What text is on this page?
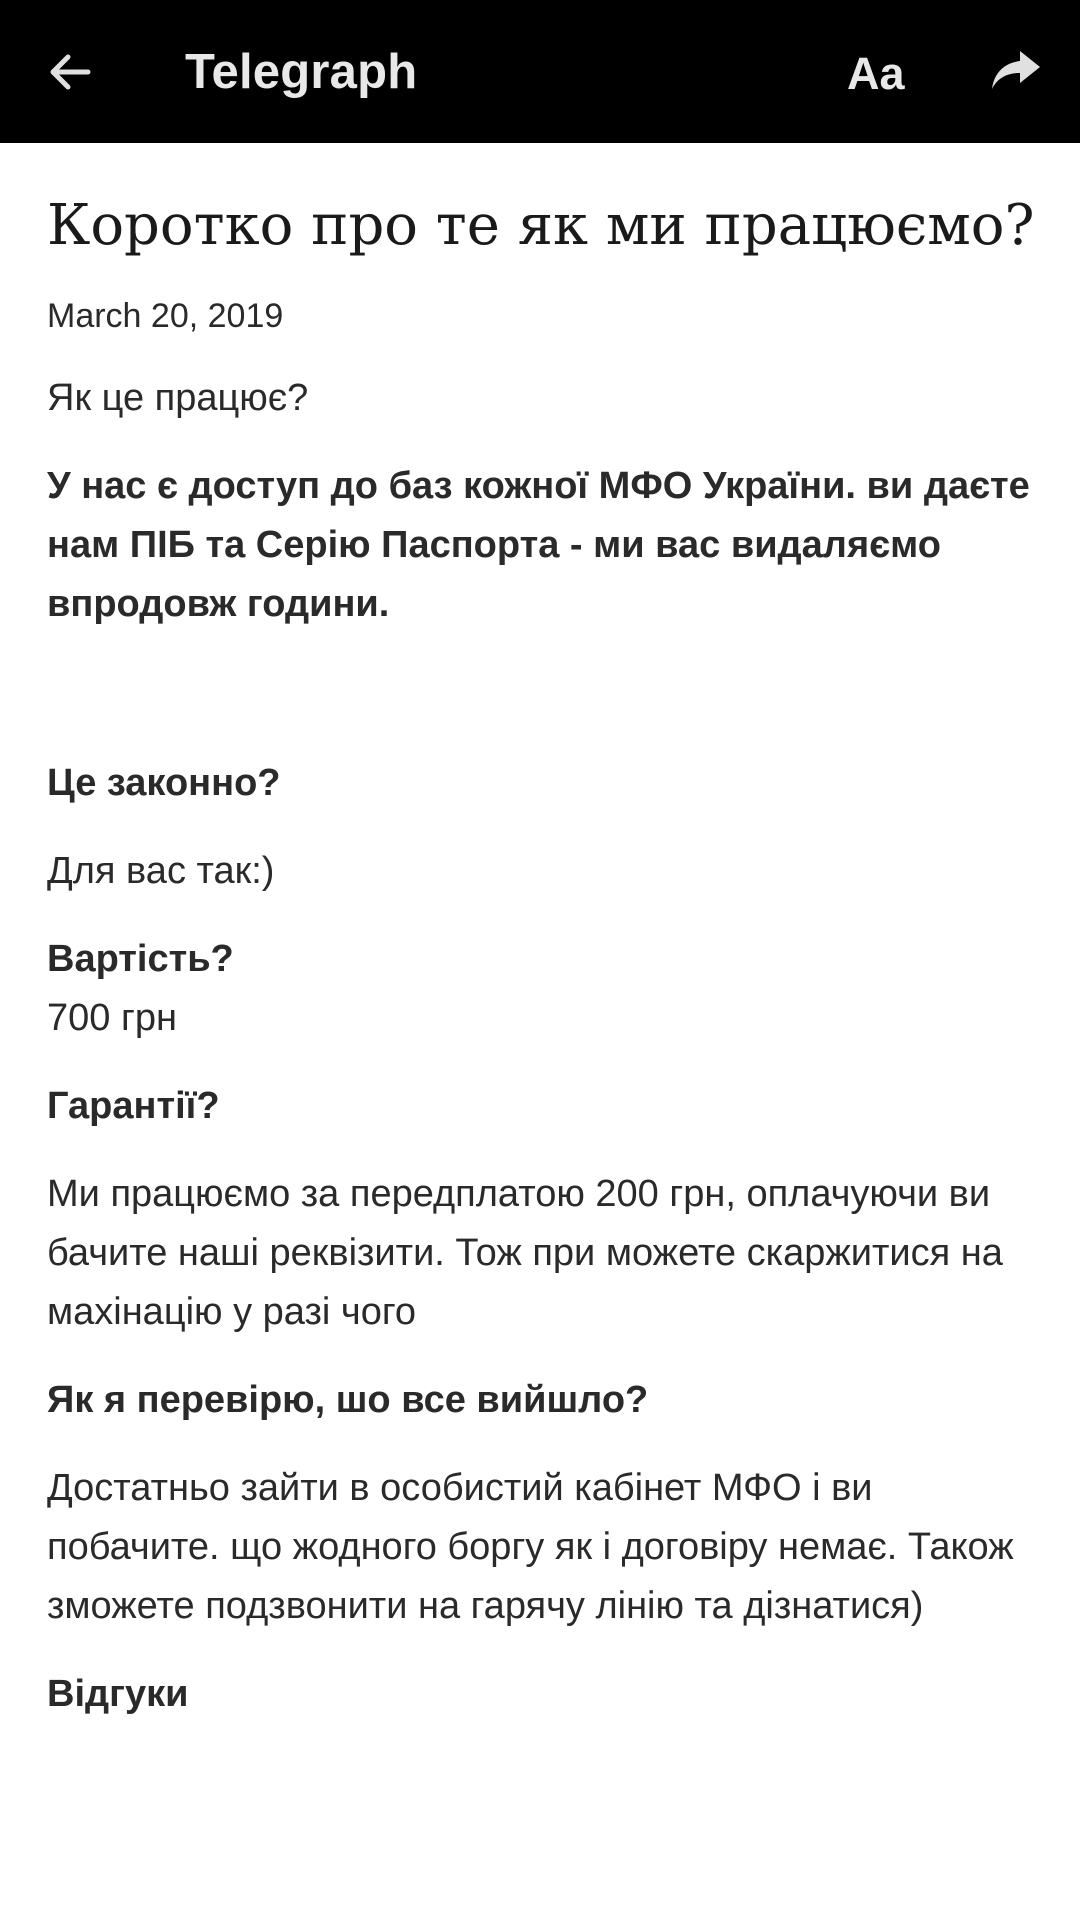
Telegraph	Aa
Коротко про те як ми працюємо?
March 20, 2019

Як це працює?

У нас є доступ до баз кожної МФО України. ви даєте нам ПІБ та Серію Паспорта - ми вас видаляємо впродовж години.

Це законно?

Для вас так:)

Вартість?

700 грн

Гарантії?

Ми працюємо за передплатою 200 грн, оплачуючи ви бачите наші реквізити. Тож при можете скаржитися на махінацію у разі чого

Як я перевірю, шо все вийшло?

Достатньо зайти в особистий кабінет МФО і ви побачите. що жодного боргу як і договіру немає. Також зможете подзвонити на гарячу лінію та дізнатися)

Відгуки
